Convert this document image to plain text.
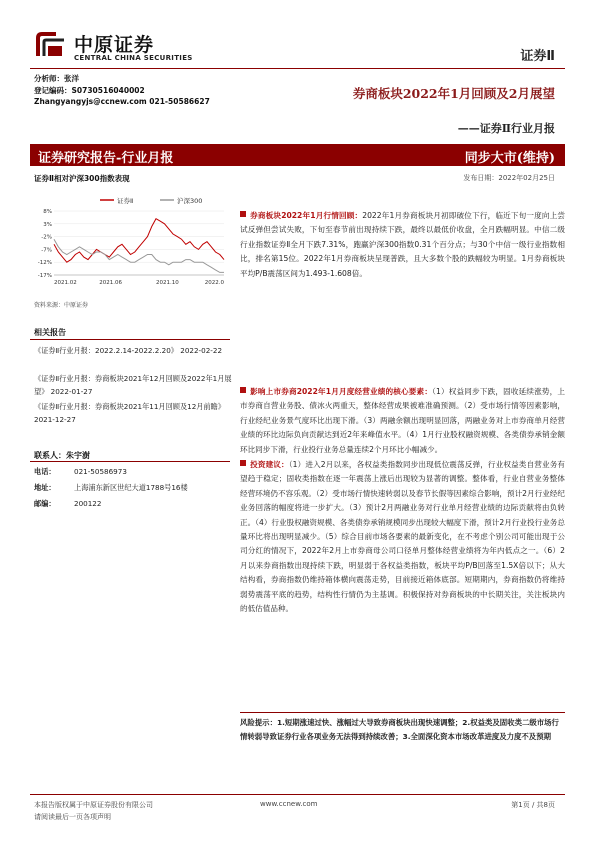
中原证券
CENTRAL CHINA SECURITIES	证券Ⅱ
分析师：张洋
登记编码：S0730516040002
Zhangyangyjs@ccnew.com 021-50586627
券商板块2022年1月回顾及2月展望
——证券Ⅱ行业月报
证券研究报告-行业月报	同步大市(维持)
证券Ⅱ相对沪深300指数表现	发布日期：2022年02月25日
证券Ⅱ	沪深300
8%
3%
-2%
-7%
-12%
-17%
2021.02	2021.06	2021.10	2022.0
资料来源：中原证券
相关报告
《证券Ⅱ行业月报：2022.2.14-2022.2.20》 2022-02-22
《证券Ⅱ行业月报：券商板块2021年12月回顾及2022年1月展望》 2022-01-27
《证券Ⅱ行业月报：券商板块2021年11月回顾及12月前瞻》 2021-12-27
联系人：朱宇澍
电话：	021-50586973
地址：	上海浦东新区世纪大道1788号16楼
邮编：	200122
券商板块2022年1月行情回顾：2022年1月券商板块月初即破位下行，临近下旬一度向上尝试反弹但尝试失败，下旬至春节前出现持续下跌，最终以最低价收盘，全月跌幅明显。中信二级行业指数证券Ⅱ全月下跌7.31%，跑赢沪深300指数0.31个百分点；与30个中信一级行业指数相比，排名第15位。2022年1月券商板块呈现普跌，且大多数个股的跌幅较为明显。1月券商板块平均P/B震荡区间为1.493-1.608倍。
影响上市券商2022年1月月度经营业绩的核心要素：（1）权益同步下跌，固收延续涨势，上市券商自营业务股、债冰火两重天，整体经营成果被难准确预测。（2）受市场行情等因素影响，行业经纪业务景气度环比出现下滑。（3）两融余额出现明显回落，两融业务对上市券商单月经营业绩的环比边际负向贡献达到近2年来峰值水平。（4）1月行业股权融资规模、各类债券承销金额环比同步下滑，行业投行业务总量连续2个月环比小幅减少。
投资建议：（1）进入2月以来，各权益类指数同步出现低位震荡反弹，行业权益类自营业务有望趋于稳定；固收类指数在逐一年震荡上涨后出现较为显著的调整。整体看，行业自营业务整体经营环境仍不容乐观。（2）受市场行情快速转弱以及春节长假等因素综合影响，预计2月行业经纪业务回落的幅度将进一步扩大。（3）预计2月两融业务对行业单月经营业绩的边际贡献将由负转正。（4）行业股权融资规模、各类债券承销规模同步出现较大幅度下滑，预计2月行业投行业务总量环比将出现明显减少。（5）综合目前市场各要素的最新变化，在不考虑个别公司可能出现于公司分红的情况下，2022年2月上市券商母公司口径单月整体经营业绩将为年内低点之一。（6）2月以来券商指数出现持续下跌，明显弱于各权益类指数，板块平均P/B回落至1.5X倍以下；从大结构看，券商指数仍维持箱体横向震荡走势，目前接近箱体底部。短期期内，券商指数仍将维持弱势震荡平底的趋势，结构性行情仍为主基调。积极保持对券商板块的中长期关注，关注板块内的低估值品种。
风险提示：1.短期涨速过快、涨幅过大导致券商板块出现快速调整；2.权益类及固收类二级市场行情转弱导致证券行业各项业务无法得到持续改善；3.全面深化资本市场改革进度及力度不及预期
本报告版权属于中原证券股份有限公司
请阅读最后一页各项声明
www.ccnew.com	第1页 / 共8页
